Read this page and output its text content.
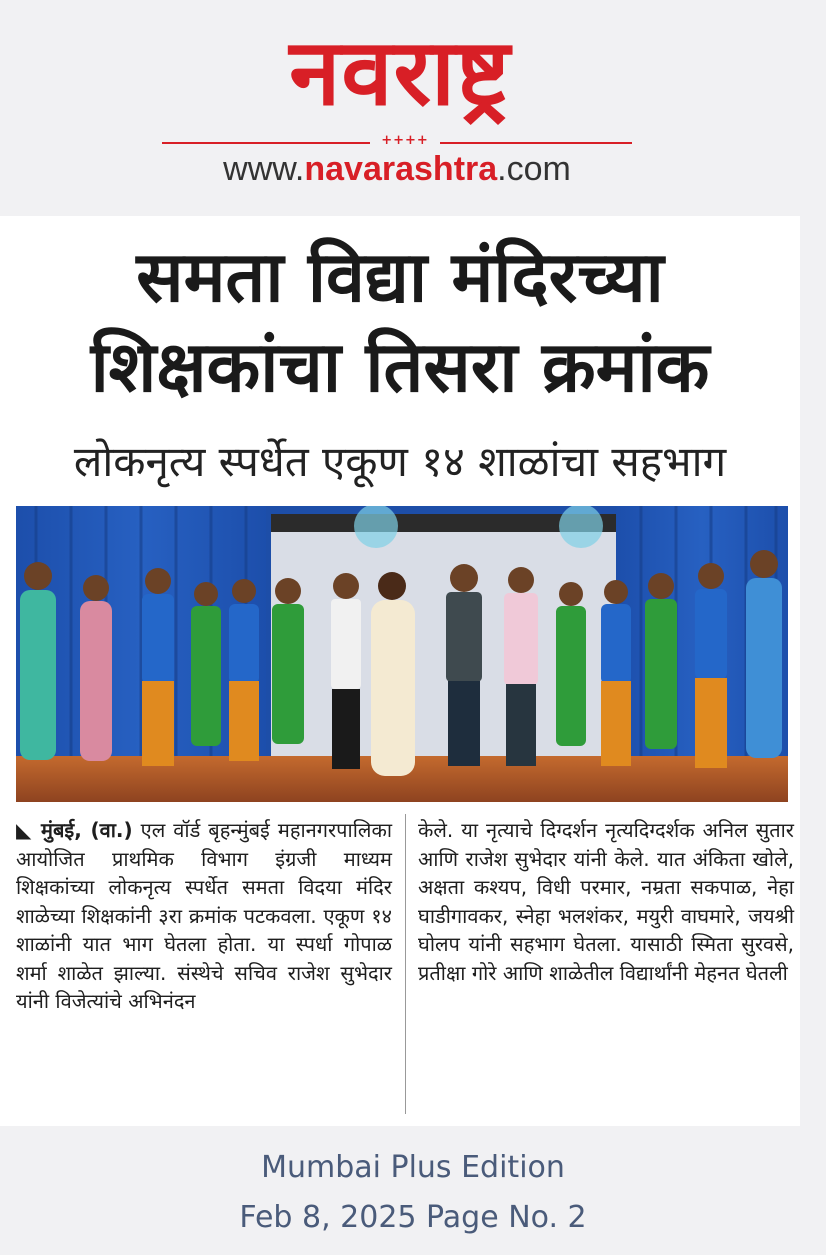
नवराष्ट्र
++++
www.navarashtra.com
समता विद्या मंदिरच्या
शिक्षकांचा तिसरा क्रमांक
लोकनृत्य स्पर्धेत एकूण १४ शाळांचा सहभाग
◣ मुंबई, (वा.) एल वॉर्ड बृहन्मुंबई महानगरपालिका आयोजित प्राथमिक विभाग इंग्रजी माध्यम शिक्षकांच्या लोकनृत्य स्पर्धेत समता विदया मंदिर शाळेच्या शिक्षकांनी ३रा क्रमांक पटकवला. एकूण १४ शाळांनी यात भाग घेतला होता. या स्पर्धा गोपाळ शर्मा शाळेत झाल्या. संस्थेचे सचिव राजेश सुभेदार यांनी विजेत्यांचे अभिनंदन
केले. या नृत्याचे दिग्दर्शन नृत्यदिग्दर्शक अनिल सुतार आणि राजेश सुभेदार यांनी केले. यात अंकिता खोले, अक्षता कश्यप, विधी परमार, नम्रता सकपाळ, नेहा घाडीगावकर, स्नेहा भलशंकर, मयुरी वाघमारे, जयश्री घोलप यांनी सहभाग घेतला. यासाठी स्मिता सुरवसे, प्रतीक्षा गोरे आणि शाळेतील विद्यार्थांनी मेहनत घेतली
Mumbai Plus Edition
Feb 8, 2025 Page No. 2
